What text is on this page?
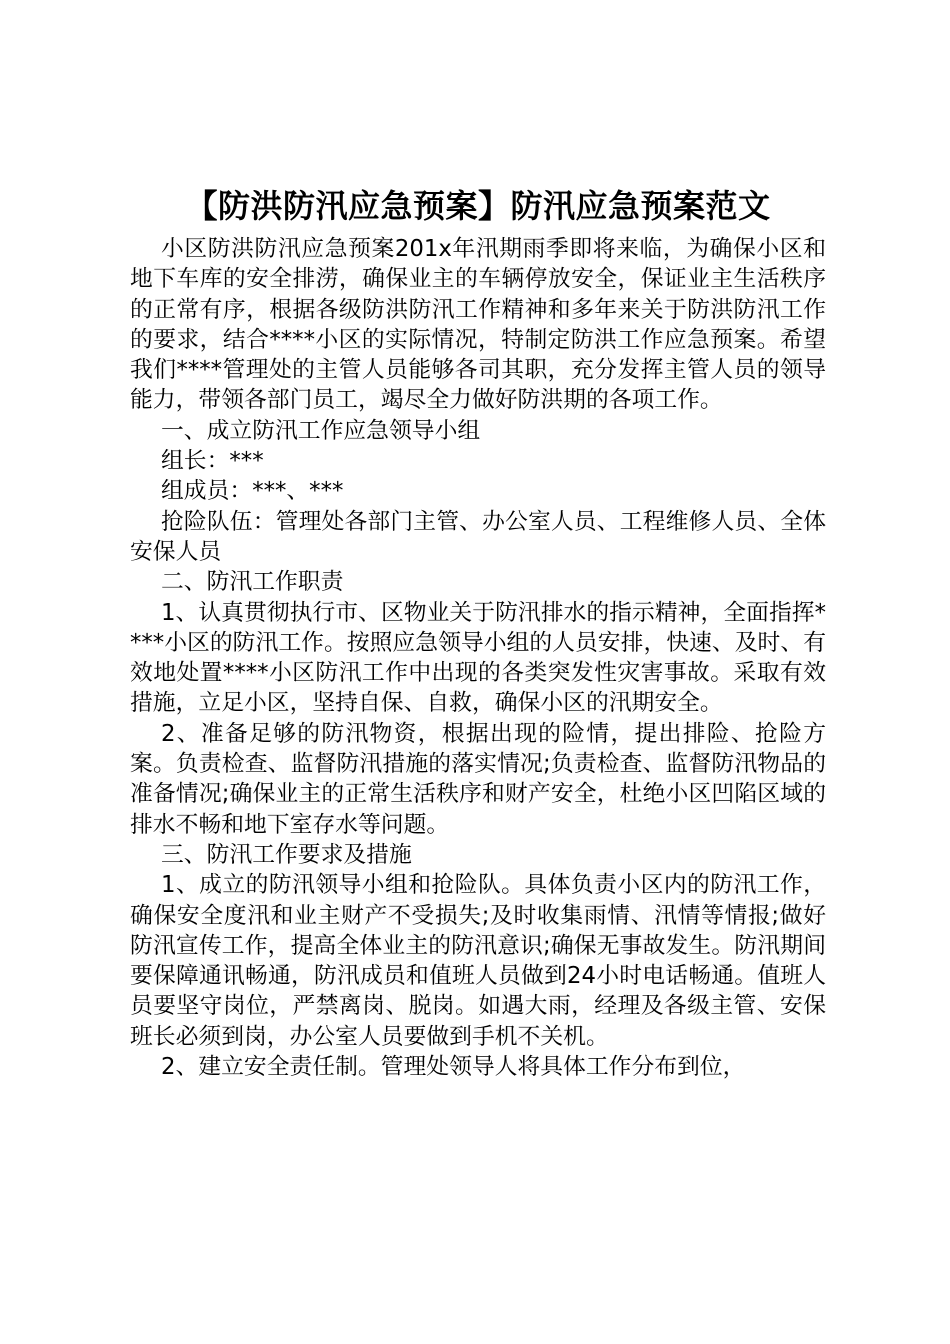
【防洪防汛应急预案】防汛应急预案范文

小区防洪防汛应急预案201x年汛期雨季即将来临，为确保小区和地下车库的安全排涝，确保业主的车辆停放安全，保证业主生活秩序的正常有序，根据各级防洪防汛工作精神和多年来关于防洪防汛工作的要求，结合****小区的实际情况，特制定防洪工作应急预案。希望我们****管理处的主管人员能够各司其职，充分发挥主管人员的领导能力，带领各部门员工，竭尽全力做好防洪期的各项工作。

一、成立防汛工作应急领导小组

组长：***

组成员：***、***

抢险队伍：管理处各部门主管、办公室人员、工程维修人员、全体安保人员

二、防汛工作职责

1、认真贯彻执行市、区物业关于防汛排水的指示精神，全面指挥****小区的防汛工作。按照应急领导小组的人员安排，快速、及时、有效地处置****小区防汛工作中出现的各类突发性灾害事故。采取有效措施，立足小区，坚持自保、自救，确保小区的汛期安全。

2、准备足够的防汛物资，根据出现的险情，提出排险、抢险方案。负责检查、监督防汛措施的落实情况;负责检查、监督防汛物品的准备情况;确保业主的正常生活秩序和财产安全，杜绝小区凹陷区域的排水不畅和地下室存水等问题。

三、防汛工作要求及措施

1、成立的防汛领导小组和抢险队。具体负责小区内的防汛工作，确保安全度汛和业主财产不受损失;及时收集雨情、汛情等情报;做好防汛宣传工作，提高全体业主的防汛意识;确保无事故发生。防汛期间要保障通讯畅通，防汛成员和值班人员做到24小时电话畅通。值班人员要坚守岗位，严禁离岗、脱岗。如遇大雨，经理及各级主管、安保班长必须到岗，办公室人员要做到手机不关机。

2、建立安全责任制。管理处领导人将具体工作分布到位，
